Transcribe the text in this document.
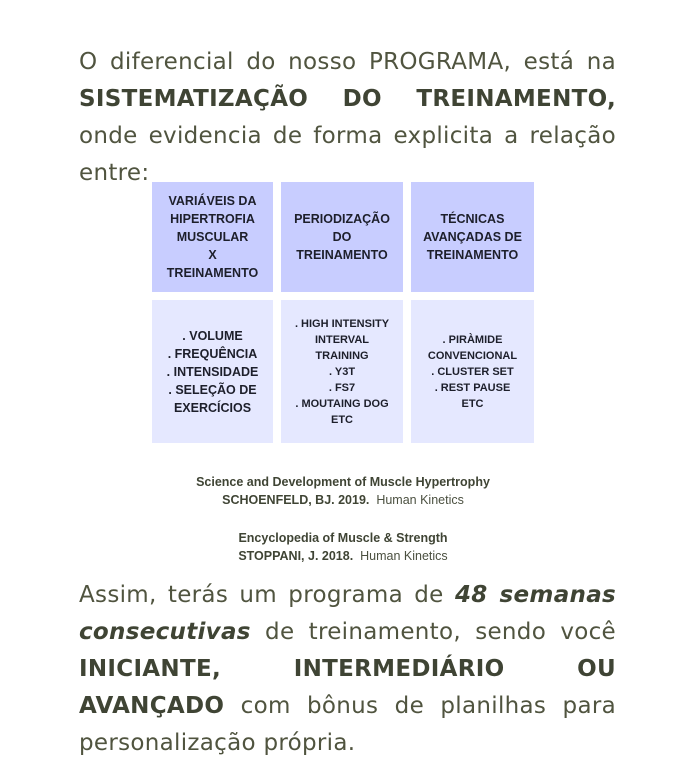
O diferencial do nosso PROGRAMA, está na SISTEMATIZAÇÃO DO TREINAMENTO, onde evidencia de forma explicita a relação entre:
VARIÁVEIS DA
HIPERTROFIA
MUSCULAR
X
TREINAMENTO
PERIODIZAÇÃO
DO
TREINAMENTO
TÉCNICAS
AVANÇADAS DE
TREINAMENTO
. VOLUME
. FREQUÊNCIA
. INTENSIDADE
. SELEÇÃO DE
EXERCÍCIOS
. HIGH INTENSITY
INTERVAL
TRAINING
. Y3T
. FS7
. MOUTAING DOG
ETC
. PIRÀMIDE
CONVENCIONAL
. CLUSTER SET
. REST PAUSE
ETC
Science and Development of Muscle Hypertrophy
SCHOENFELD, BJ. 2019. Human Kinetics
Encyclopedia of Muscle & Strength
STOPPANI, J. 2018. Human Kinetics
Assim, terás um programa de 48 semanas consecutivas de treinamento, sendo você INICIANTE, INTERMEDIÁRIO OU AVANÇADO com bônus de planilhas para personalização própria.
